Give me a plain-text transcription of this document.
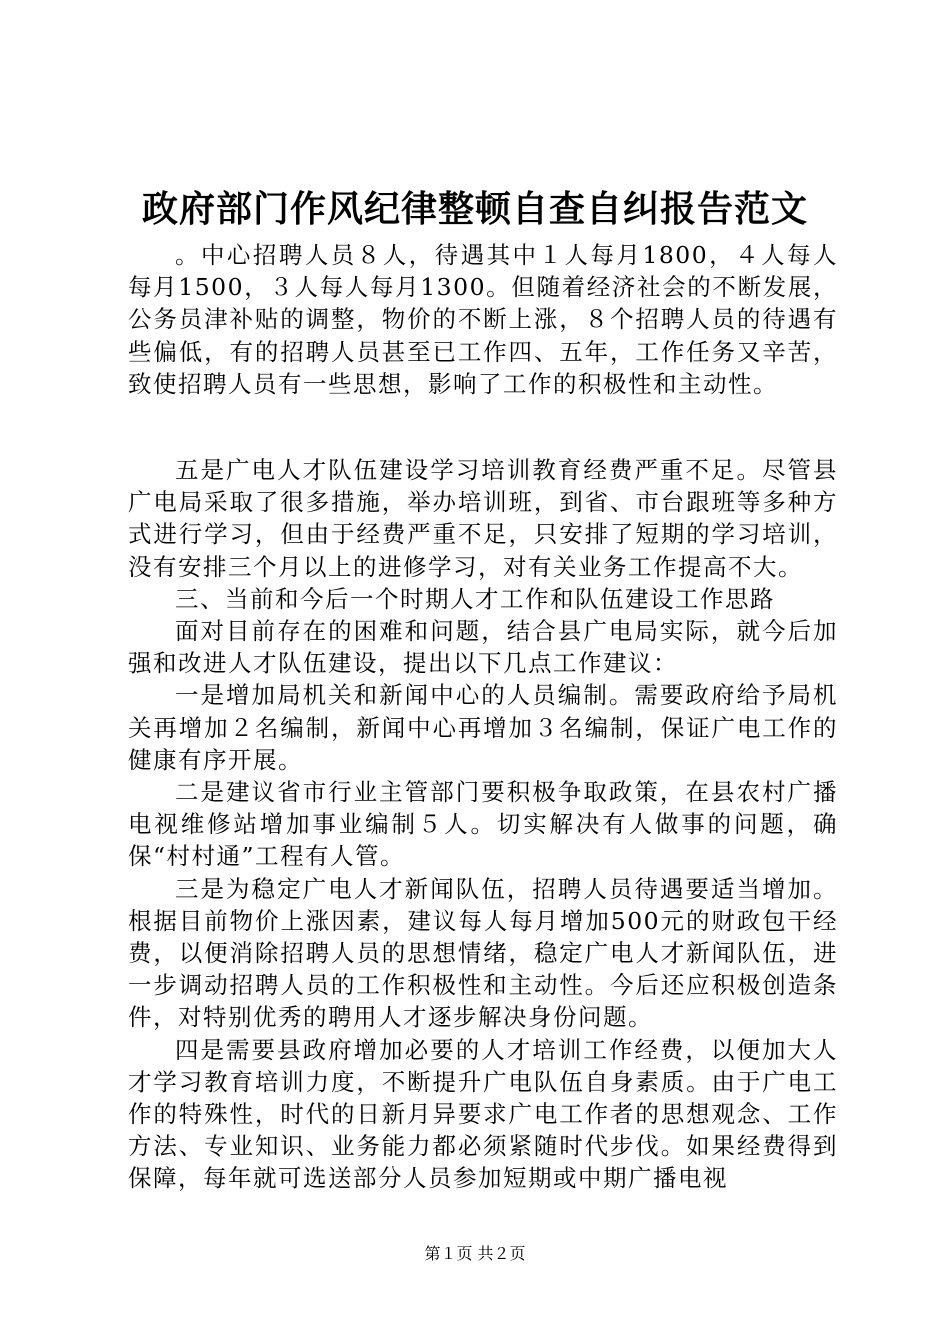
政府部门作风纪律整顿自查自纠报告范文

。中心招聘人员８人，待遇其中１人每月1800，４人每人每月1500，３人每人每月1300。但随着经济社会的不断发展，公务员津补贴的调整，物价的不断上涨，８个招聘人员的待遇有些偏低，有的招聘人员甚至已工作四、五年，工作任务又辛苦，致使招聘人员有一些思想，影响了工作的积极性和主动性。

五是广电人才队伍建设学习培训教育经费严重不足。尽管县广电局采取了很多措施，举办培训班，到省、市台跟班等多种方式进行学习，但由于经费严重不足，只安排了短期的学习培训，没有安排三个月以上的进修学习，对有关业务工作提高不大。

三、当前和今后一个时期人才工作和队伍建设工作思路

面对目前存在的困难和问题，结合县广电局实际，就今后加强和改进人才队伍建设，提出以下几点工作建议：

一是增加局机关和新闻中心的人员编制。需要政府给予局机关再增加２名编制，新闻中心再增加３名编制，保证广电工作的健康有序开展。

二是建议省市行业主管部门要积极争取政策，在县农村广播电视维修站增加事业编制５人。切实解决有人做事的问题，确保“村村通”工程有人管。

三是为稳定广电人才新闻队伍，招聘人员待遇要适当增加。根据目前物价上涨因素，建议每人每月增加500元的财政包干经费，以便消除招聘人员的思想情绪，稳定广电人才新闻队伍，进一步调动招聘人员的工作积极性和主动性。今后还应积极创造条件，对特别优秀的聘用人才逐步解决身份问题。

四是需要县政府增加必要的人才培训工作经费，以便加大人才学习教育培训力度，不断提升广电队伍自身素质。由于广电工作的特殊性，时代的日新月异要求广电工作者的思想观念、工作方法、专业知识、业务能力都必须紧随时代步伐。如果经费得到保障，每年就可选送部分人员参加短期或中期广播电视

第１页 共２页
